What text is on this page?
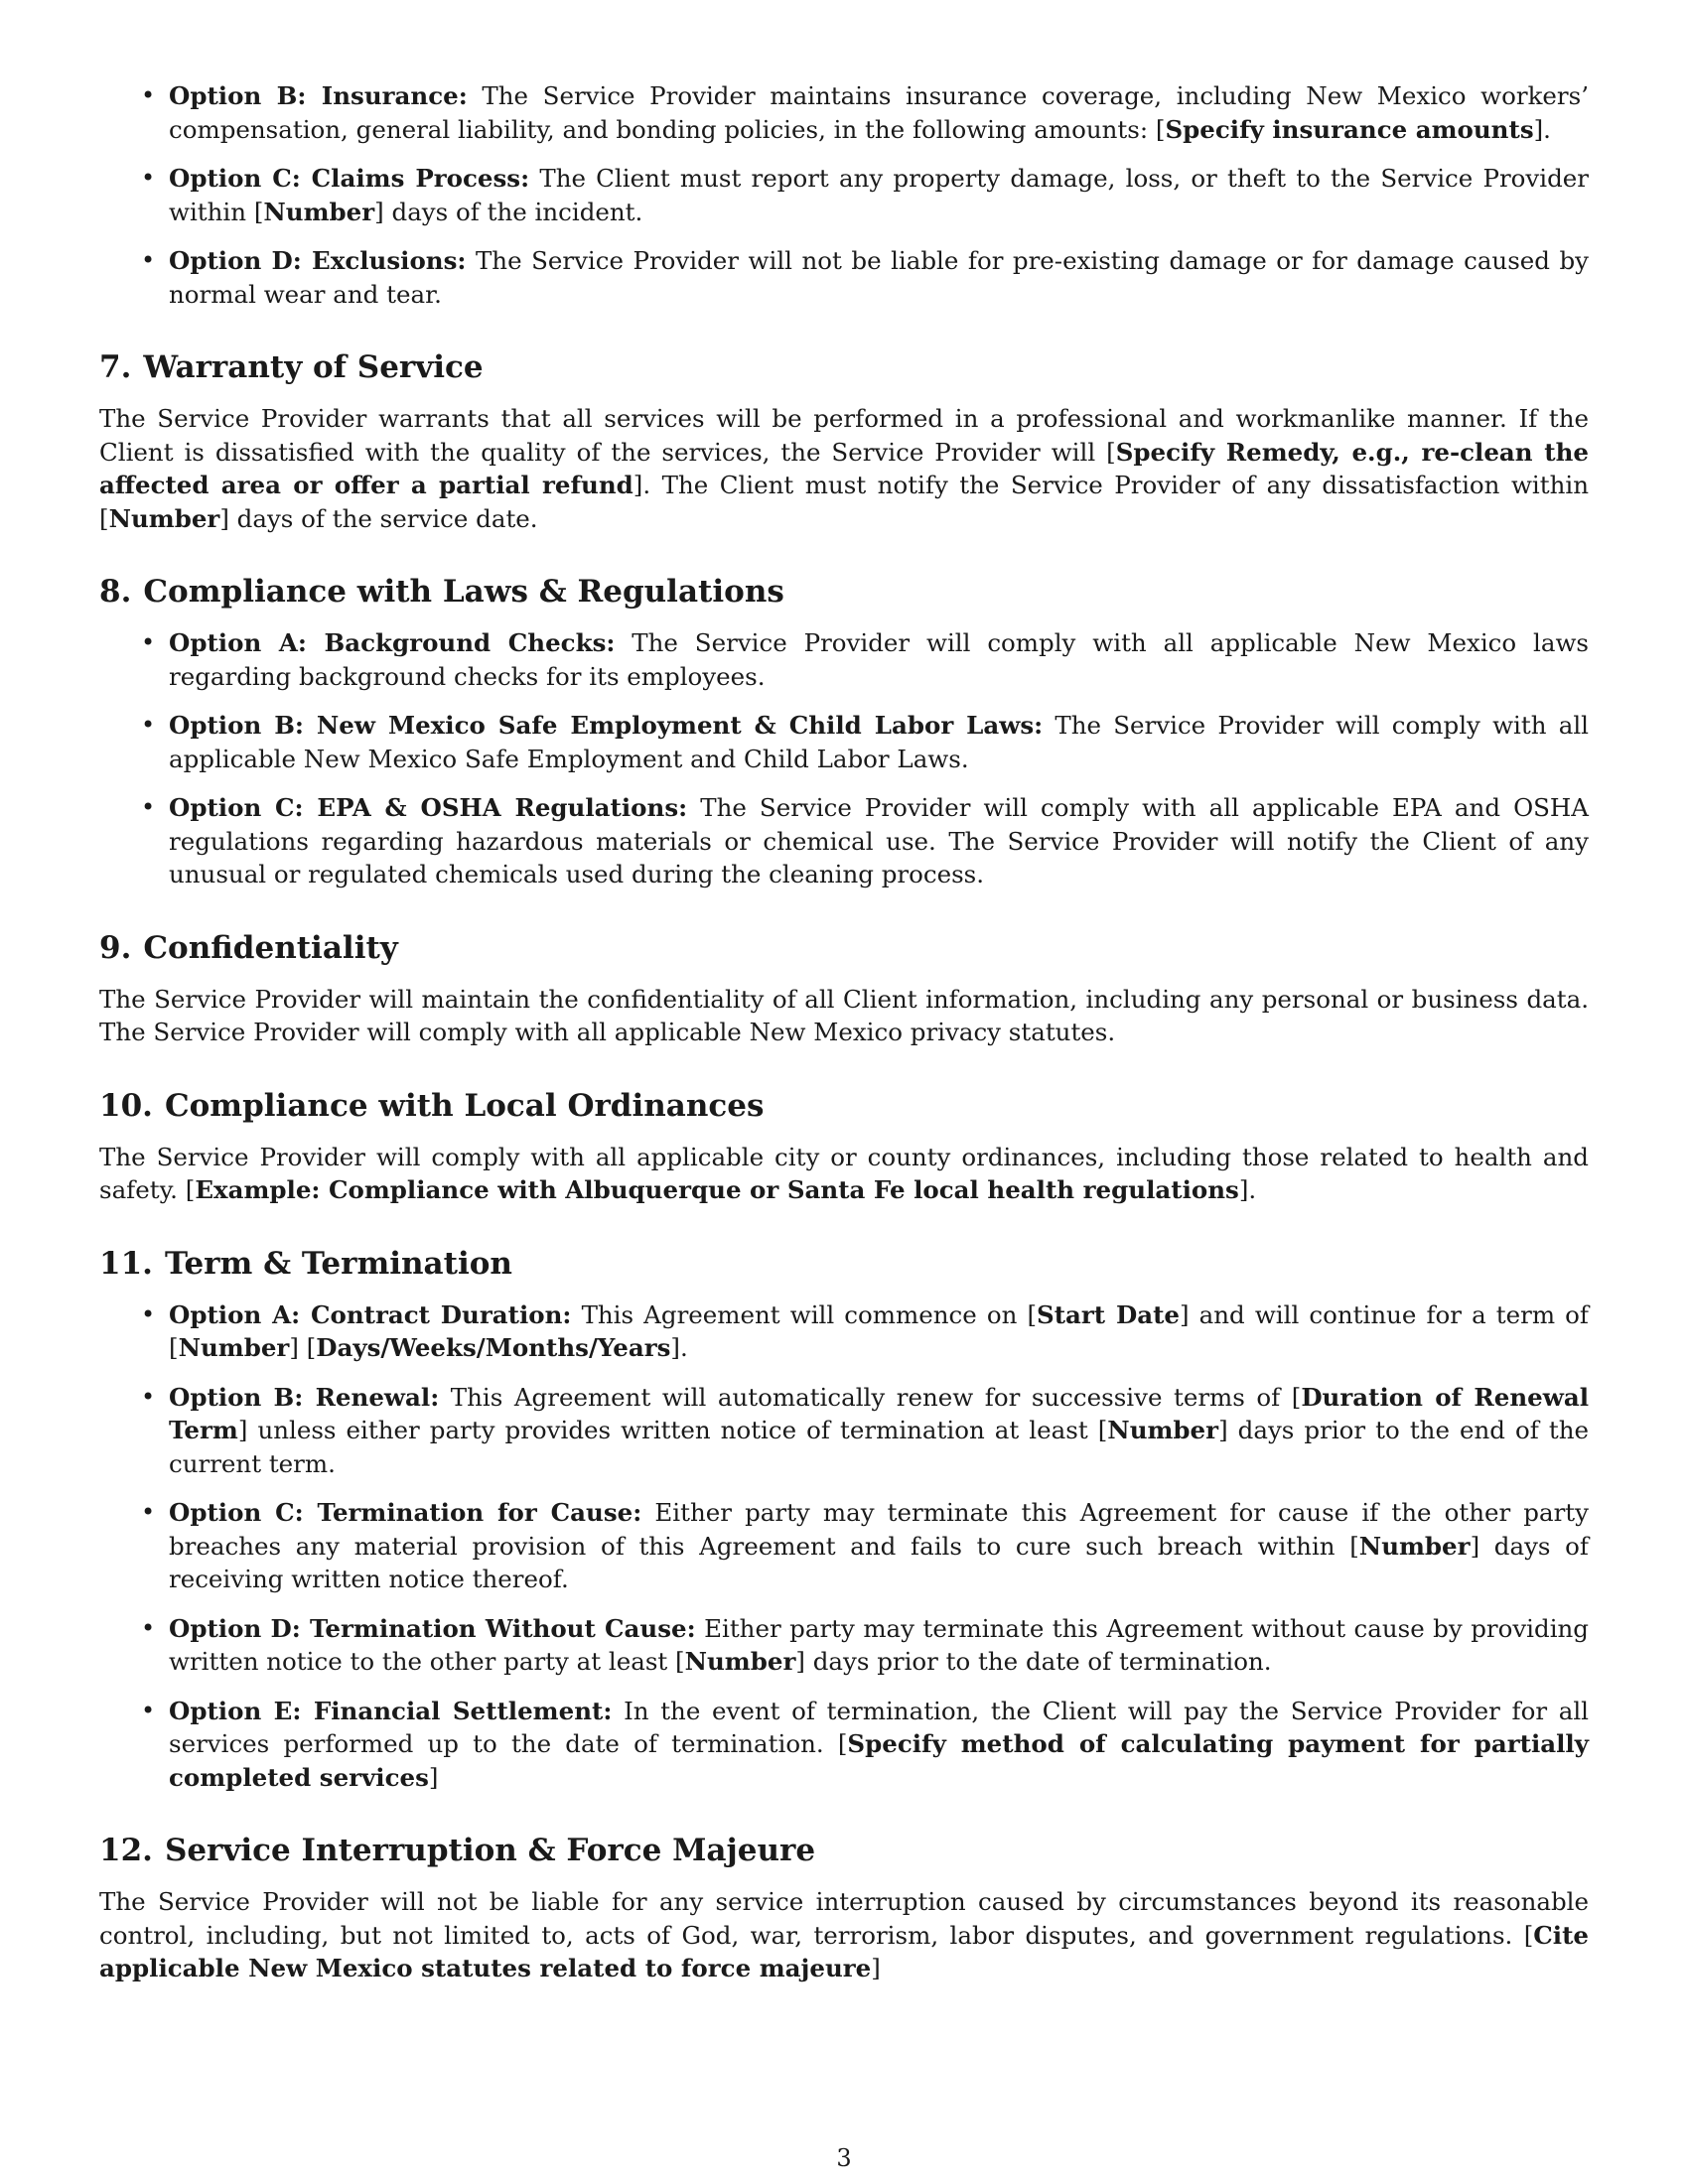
• Option B: Insurance: The Service Provider maintains insurance coverage, including New Mexico workers’ compensation, general liability, and bonding policies, in the following amounts: [Specify insurance amounts].
• Option C: Claims Process: The Client must report any property damage, loss, or theft to the Service Provider within [Number] days of the incident.
• Option D: Exclusions: The Service Provider will not be liable for pre-existing damage or for damage caused by normal wear and tear.
7. Warranty of Service

The Service Provider warrants that all services will be performed in a professional and workmanlike manner. If the Client is dissatisfied with the quality of the services, the Service Provider will [Specify Remedy, e.g., re-clean the affected area or offer a partial refund]. The Client must notify the Service Provider of any dissatisfaction within [Number] days of the service date.

8. Compliance with Laws & Regulations
• Option A: Background Checks: The Service Provider will comply with all applicable New Mexico laws regarding background checks for its employees.
• Option B: New Mexico Safe Employment & Child Labor Laws: The Service Provider will comply with all applicable New Mexico Safe Employment and Child Labor Laws.
• Option C: EPA & OSHA Regulations: The Service Provider will comply with all applicable EPA and OSHA regulations regarding hazardous materials or chemical use. The Service Provider will notify the Client of any unusual or regulated chemicals used during the cleaning process.
9. Confidentiality

The Service Provider will maintain the confidentiality of all Client information, including any personal or business data. The Service Provider will comply with all applicable New Mexico privacy statutes.

10. Compliance with Local Ordinances

The Service Provider will comply with all applicable city or county ordinances, including those related to health and safety. [Example: Compliance with Albuquerque or Santa Fe local health regulations].

11. Term & Termination
• Option A: Contract Duration: This Agreement will commence on [Start Date] and will continue for a term of [Number] [Days/Weeks/Months/Years].
• Option B: Renewal: This Agreement will automatically renew for successive terms of [Duration of Renewal Term] unless either party provides written notice of termination at least [Number] days prior to the end of the current term.
• Option C: Termination for Cause: Either party may terminate this Agreement for cause if the other party breaches any material provision of this Agreement and fails to cure such breach within [Number] days of receiving written notice thereof.
• Option D: Termination Without Cause: Either party may terminate this Agreement without cause by providing written notice to the other party at least [Number] days prior to the date of termination.
• Option E: Financial Settlement: In the event of termination, the Client will pay the Service Provider for all services performed up to the date of termination. [Specify method of calculating payment for partially completed services]
12. Service Interruption & Force Majeure

The Service Provider will not be liable for any service interruption caused by circumstances beyond its reasonable control, including, but not limited to, acts of God, war, terrorism, labor disputes, and government regulations. [Cite applicable New Mexico statutes related to force majeure]

3
